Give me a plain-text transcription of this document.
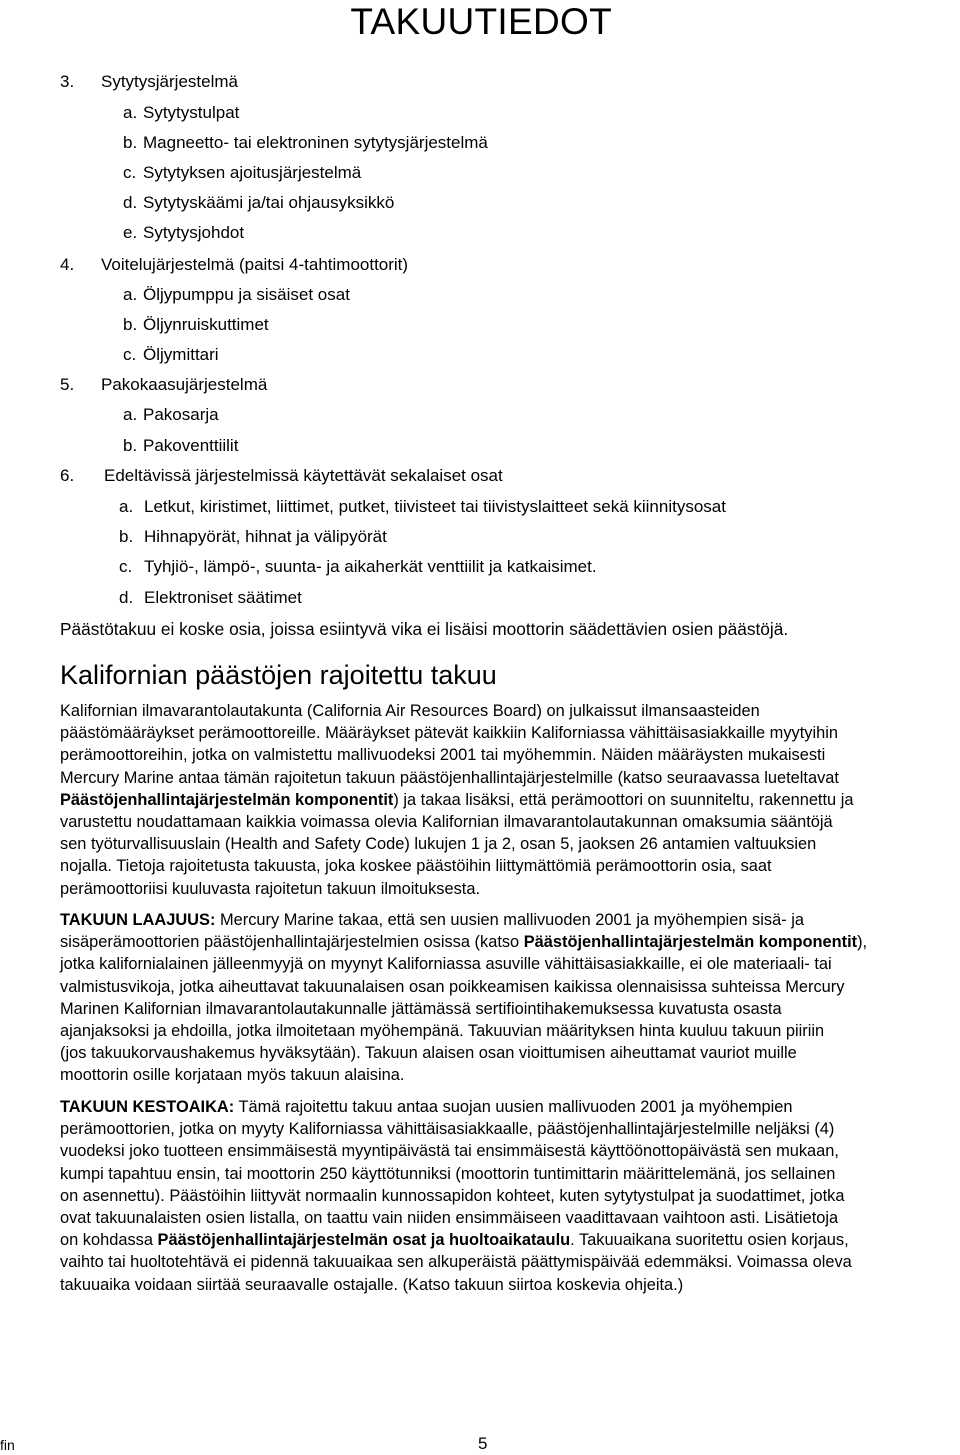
TAKUUTIEDOT
3. Sytytysjärjestelmä
a. Sytytystulpat
b. Magneetto- tai elektroninen sytytysjärjestelmä
c. Sytytyksen ajoitusjärjestelmä
d. Sytytyskäämi ja/tai ohjausyksikkö
e. Sytytysjohdot
4. Voitelujärjestelmä (paitsi 4-tahtimoottorit)
a. Öljypumppu ja sisäiset osat
b. Öljynruiskuttimet
c. Öljymittari
5. Pakokaasujärjestelmä
a. Pakosarja
b. Pakoventtiilit
6. Edeltävissä järjestelmissä käytettävät sekalaiset osat
a. Letkut, kiristimet, liittimet, putket, tiivisteet tai tiivistyslaitteet sekä kiinnitysosat
b. Hihnapyörät, hihnat ja välipyörät
c. Tyhjiö-, lämpö-, suunta- ja aikaherkät venttiilit ja katkaisimet.
d. Elektroniset säätimet
Päästötakuu ei koske osia, joissa esiintyvä vika ei lisäisi moottorin säädettävien osien päästöjä.
Kalifornian päästöjen rajoitettu takuu
Kalifornian ilmavarantolautakunta (California Air Resources Board) on julkaissut ilmansaasteiden
päästömääräykset perämoottoreille. Määräykset pätevät kaikkiin Kaliforniassa vähittäisasiakkaille myytyihin
perämoottoreihin, jotka on valmistettu mallivuodeksi 2001 tai myöhemmin. Näiden määräysten mukaisesti
Mercury Marine antaa tämän rajoitetun takuun päästöjenhallintajärjestelmille (katso seuraavassa lueteltavat
Päästöjenhallintajärjestelmän komponentit) ja takaa lisäksi, että perämoottori on suunniteltu, rakennettu ja
varustettu noudattamaan kaikkia voimassa olevia Kalifornian ilmavarantolautakunnan omaksumia sääntöjä
sen työturvallisuuslain (Health and Safety Code) lukujen 1 ja 2, osan 5, jaoksen 26 antamien valtuuksien
nojalla. Tietoja rajoitetusta takuusta, joka koskee päästöihin liittymättömiä perämoottorin osia, saat
perämoottoriisi kuuluvasta rajoitetun takuun ilmoituksesta.
TAKUUN LAAJUUS: Mercury Marine takaa, että sen uusien mallivuoden 2001 ja myöhempien sisä- ja
sisäperämoottorien päästöjenhallintajärjestelmien osissa (katso Päästöjenhallintajärjestelmän komponentit),
jotka kalifornialainen jälleenmyyjä on myynyt Kaliforniassa asuville vähittäisasiakkaille, ei ole materiaali- tai
valmistusvikoja, jotka aiheuttavat takuunalaisen osan poikkeamisen kaikissa olennaisissa suhteissa Mercury
Marinen Kalifornian ilmavarantolautakunnalle jättämässä sertifiointihakemuksessa kuvatusta osasta
ajanjaksoksi ja ehdoilla, jotka ilmoitetaan myöhempänä. Takuuvian määrityksen hinta kuuluu takuun piiriin
(jos takuukorvaushakemus hyväksytään). Takuun alaisen osan vioittumisen aiheuttamat vauriot muille
moottorin osille korjataan myös takuun alaisina.
TAKUUN KESTOAIKA: Tämä rajoitettu takuu antaa suojan uusien mallivuoden 2001 ja myöhempien
perämoottorien, jotka on myyty Kaliforniassa vähittäisasiakkaalle, päästöjenhallintajärjestelmille neljäksi (4)
vuodeksi joko tuotteen ensimmäisestä myyntipäivästä tai ensimmäisestä käyttöönottopäivästä sen mukaan,
kumpi tapahtuu ensin, tai moottorin 250 käyttötunniksi (moottorin tuntimittarin määrittelemänä, jos sellainen
on asennettu). Päästöihin liittyvät normaalin kunnossapidon kohteet, kuten sytytystulpat ja suodattimet, jotka
ovat takuunalaisten osien listalla, on taattu vain niiden ensimmäiseen vaadittavaan vaihtoon asti. Lisätietoja
on kohdassa Päästöjenhallintajärjestelmän osat ja huoltoaikataulu. Takuuaikana suoritettu osien korjaus,
vaihto tai huoltotehtävä ei pidennä takuuaikaa sen alkuperäistä päättymispäivää edemmäksi. Voimassa oleva
takuuaika voidaan siirtää seuraavalle ostajalle. (Katso takuun siirtoa koskevia ohjeita.)
fin	5
